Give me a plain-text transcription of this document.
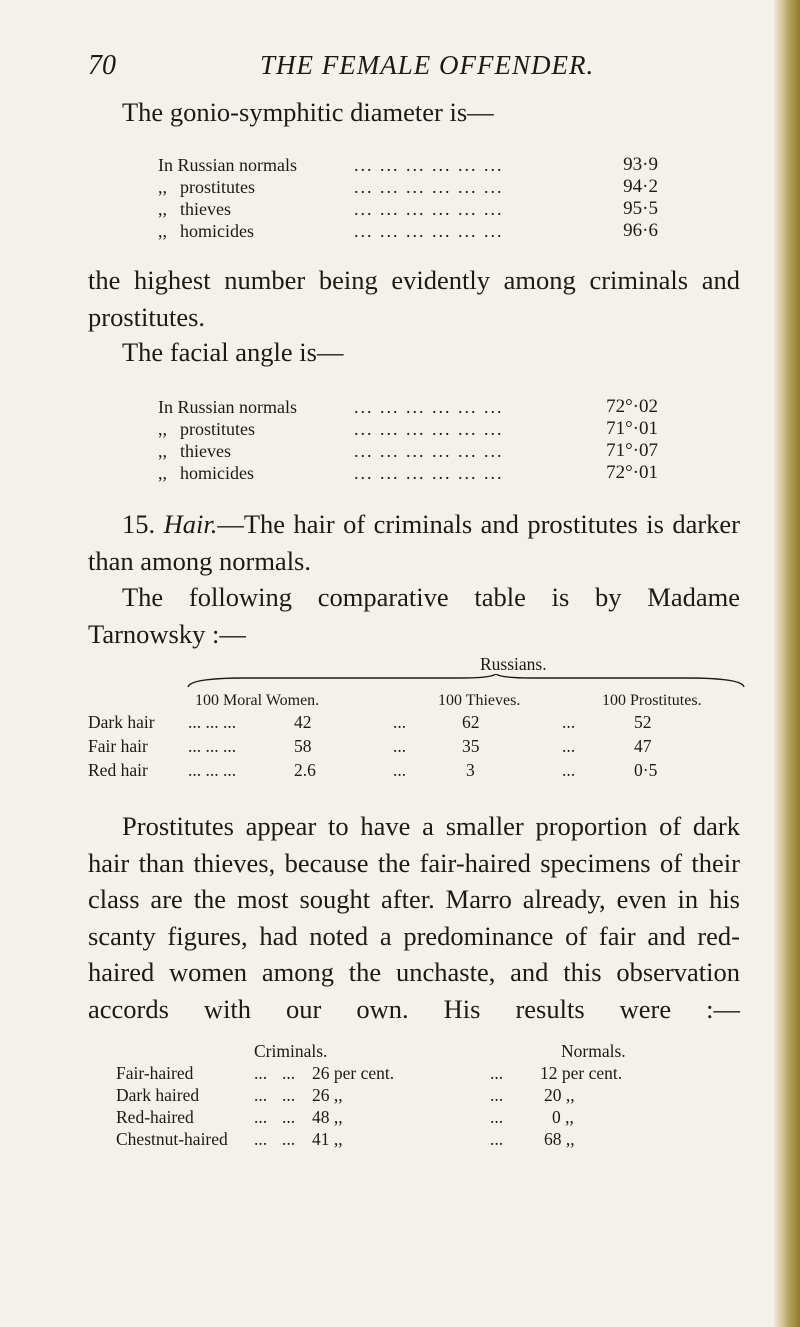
70	THE FEMALE OFFENDER.
The gonio-symphitic diameter is—
In Russian normals	... ... ... ... ... ...	93·9
,, prostitutes	... ... ... ... ... ...	94·2
,, thieves	... ... ... ... ... ...	95·5
,, homicides	... ... ... ... ... ...	96·6
the highest number being evidently among criminals and prostitutes.
The facial angle is—
In Russian normals	... ... ... ... ... ...	72°·02
,, prostitutes	... ... ... ... ... ...	71°·01
,, thieves	... ... ... ... ... ...	71°·07
,, homicides	... ... ... ... ... ...	72°·01
15. Hair.—The hair of criminals and prostitutes is darker than among normals.
The following comparative table is by Madame Tarnowsky :—
Russians.
100 Moral Women.	100 Thieves.	100 Prostitutes.
Dark hair ... ... ...	42	...	62	...	52
Fair hair ... ... ...	58	...	35	...	47
Red hair ... ... ...	2.6	...	3	...	0·5
Prostitutes appear to have a smaller proportion of dark hair than thieves, because the fair-haired specimens of their class are the most sought after. Marro already, even in his scanty figures, had noted a predominance of fair and red-haired women among the unchaste, and this observation accords with our own. His results were :—
Criminals.	Normals.
Fair-haired	... ... 26 per cent.	... 12 per cent.
Dark haired	... ... 26 ,,	... 20 ,,
Red-haired	... ... 48 ,,	...	0 ,,
Chestnut-haired ... ... 41 ,,	... 68 ,,
